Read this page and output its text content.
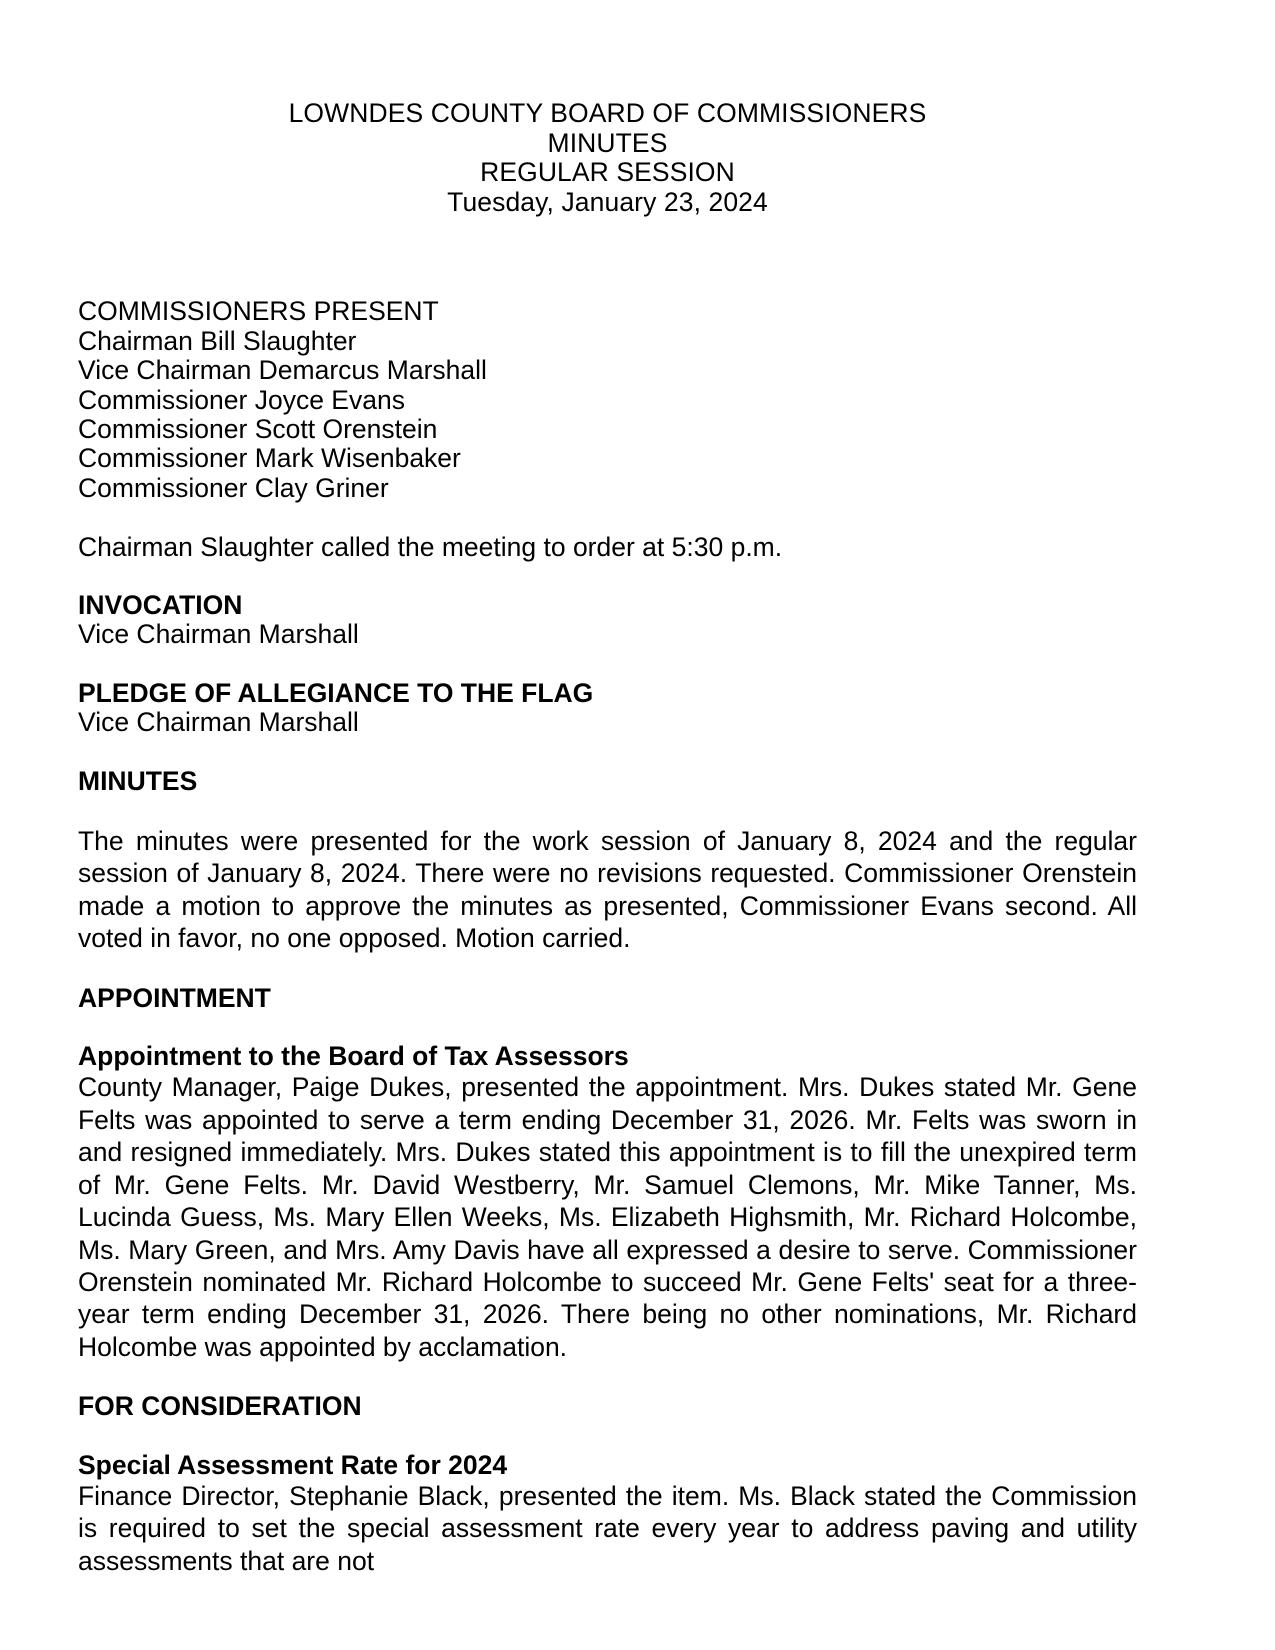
LOWNDES COUNTY BOARD OF COMMISSIONERS
MINUTES
REGULAR SESSION
Tuesday, January 23, 2024
COMMISSIONERS PRESENT
Chairman Bill Slaughter
Vice Chairman Demarcus Marshall
Commissioner Joyce Evans
Commissioner Scott Orenstein
Commissioner Mark Wisenbaker
Commissioner Clay Griner
Chairman Slaughter called the meeting to order at 5:30 p.m.
INVOCATION
Vice Chairman Marshall
PLEDGE OF ALLEGIANCE TO THE FLAG
Vice Chairman Marshall
MINUTES

The minutes were presented for the work session of January 8, 2024 and the regular session of January 8, 2024. There were no revisions requested. Commissioner Orenstein made a motion to approve the minutes as presented, Commissioner Evans second. All voted in favor, no one opposed. Motion carried.

APPOINTMENT
Appointment to the Board of Tax Assessors

County Manager, Paige Dukes, presented the appointment. Mrs. Dukes stated Mr. Gene Felts was appointed to serve a term ending December 31, 2026. Mr. Felts was sworn in and resigned immediately. Mrs. Dukes stated this appointment is to fill the unexpired term of Mr. Gene Felts. Mr. David Westberry, Mr. Samuel Clemons, Mr. Mike Tanner, Ms. Lucinda Guess, Ms. Mary Ellen Weeks, Ms. Elizabeth Highsmith, Mr. Richard Holcombe, Ms. Mary Green, and Mrs. Amy Davis have all expressed a desire to serve. Commissioner Orenstein nominated Mr. Richard Holcombe to succeed Mr. Gene Felts' seat for a three-year term ending December 31, 2026. There being no other nominations, Mr. Richard Holcombe was appointed by acclamation.

FOR CONSIDERATION
Special Assessment Rate for 2024

Finance Director, Stephanie Black, presented the item. Ms. Black stated the Commission is required to set the special assessment rate every year to address paving and utility assessments that are not
